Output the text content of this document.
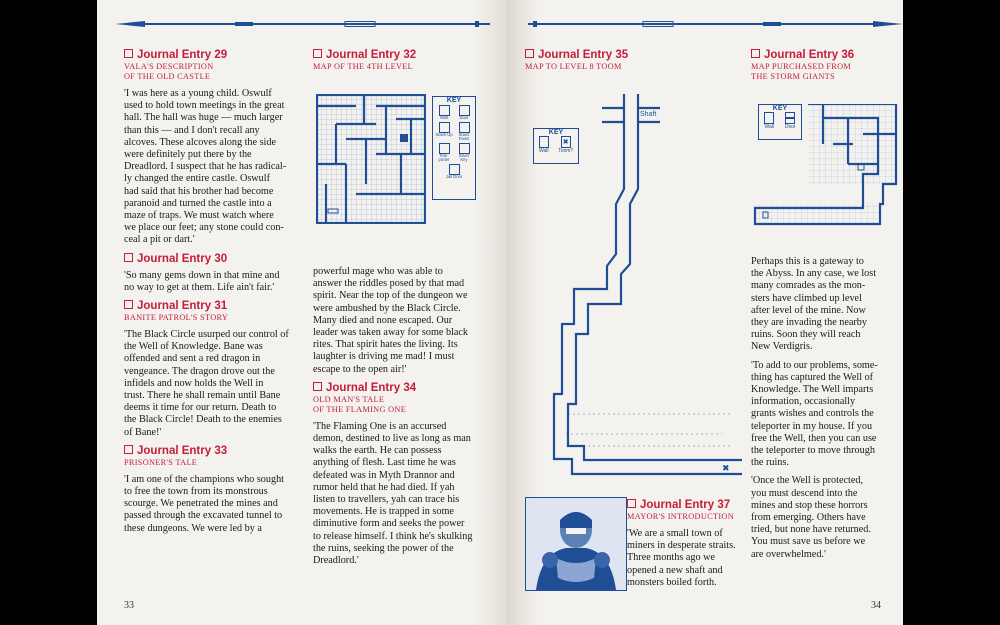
Journal Entry 29
VALA'S DESCRIPTION
OF THE OLD CASTLE
'I was here as a young child. Oswulf
used to hold town meetings in the great
hall. The hall was huge — much larger
than this — and I don't recall any
alcoves. These alcoves along the side
were definitely put there by the
Dreadlord. I suspect that he has radical-
ly changed the entire castle. Oswulf
had said that his brother had become
paranoid and turned the castle into a
maze of traps. We must watch where
we place our feet; any stone could con-
ceal a pit or dart.'
Journal Entry 30
'So many gems down in that mine and
no way to get at them. Life ain't fair.'
Journal Entry 31
BANITE PATROL'S STORY
'The Black Circle usurped our control of
the Well of Knowledge. Bane was
offended and sent a red dragon in
vengeance. The dragon drove out the
infidels and now holds the Well in
trust. There he shall remain until Bane
deems it time for our return. Death to
the Black Circle! Death to the enemies
of Bane!'
Journal Entry 33
PRISONER'S TALE
'I am one of the champions who sought
to free the town from its monstrous
scourge. We penetrated the mines and
passed through the excavated tunnel to
these dungeons. We were led by a
Journal Entry 32
MAP OF THE 4TH LEVEL
KEY
Wall	Door
Stairs Up	Stairs Down
Tele-porter
Silver Key
Jail Door
powerful mage who was able to
answer the riddles posed by that mad
spirit. Near the top of the dungeon we
were ambushed by the Black Circle.
Many died and none escaped. Our
leader was taken away for some black
rites. That spirit hates the living. Its
laughter is driving me mad! I must
escape to the open air!'
Journal Entry 34
OLD MAN'S TALE
OF THE FLAMING ONE
'The Flaming One is an accursed
demon, destined to live as long as man
walks the earth. He can possess
anything of flesh. Last time he was
defeated was in Myth Drannor and
rumor held that he had died. If yah
listen to travellers, yah can trace his
movements. He is trapped in some
diminutive form and seeks the power
to release himself. I think he's skulking
the ruins, seeking the power of the
Dreadlord.'
33
Journal Entry 35
MAP TO LEVEL 8 TOOM
KEY
Wall
✖
Toom?
Shaft
✖
Journal Entry 36
MAP PURCHASED FROM
THE STORM GIANTS
KEY
Wall Door
Perhaps this is a gateway to
the Abyss. In any case, we lost
many comrades as the mon-
sters have climbed up level
after level of the mine. Now
they are invading the nearby
ruins. Soon they will reach
New Verdigris.
'To add to our problems, some-
thing has captured the Well of
Knowledge. The Well imparts
information, occasionally
grants wishes and controls the
teleporter in my house. If you
free the Well, then you can use
the teleporter to move through
the ruins.
'Once the Well is protected,
you must descend into the
mines and stop these horrors
from emerging. Others have
tried, but none have returned.
You must save us before we
are overwhelmed.'
Journal Entry 37
MAYOR'S INTRODUCTION
'We are a small town of
miners in desperate straits.
Three months ago we
opened a new shaft and
monsters boiled forth.
34
